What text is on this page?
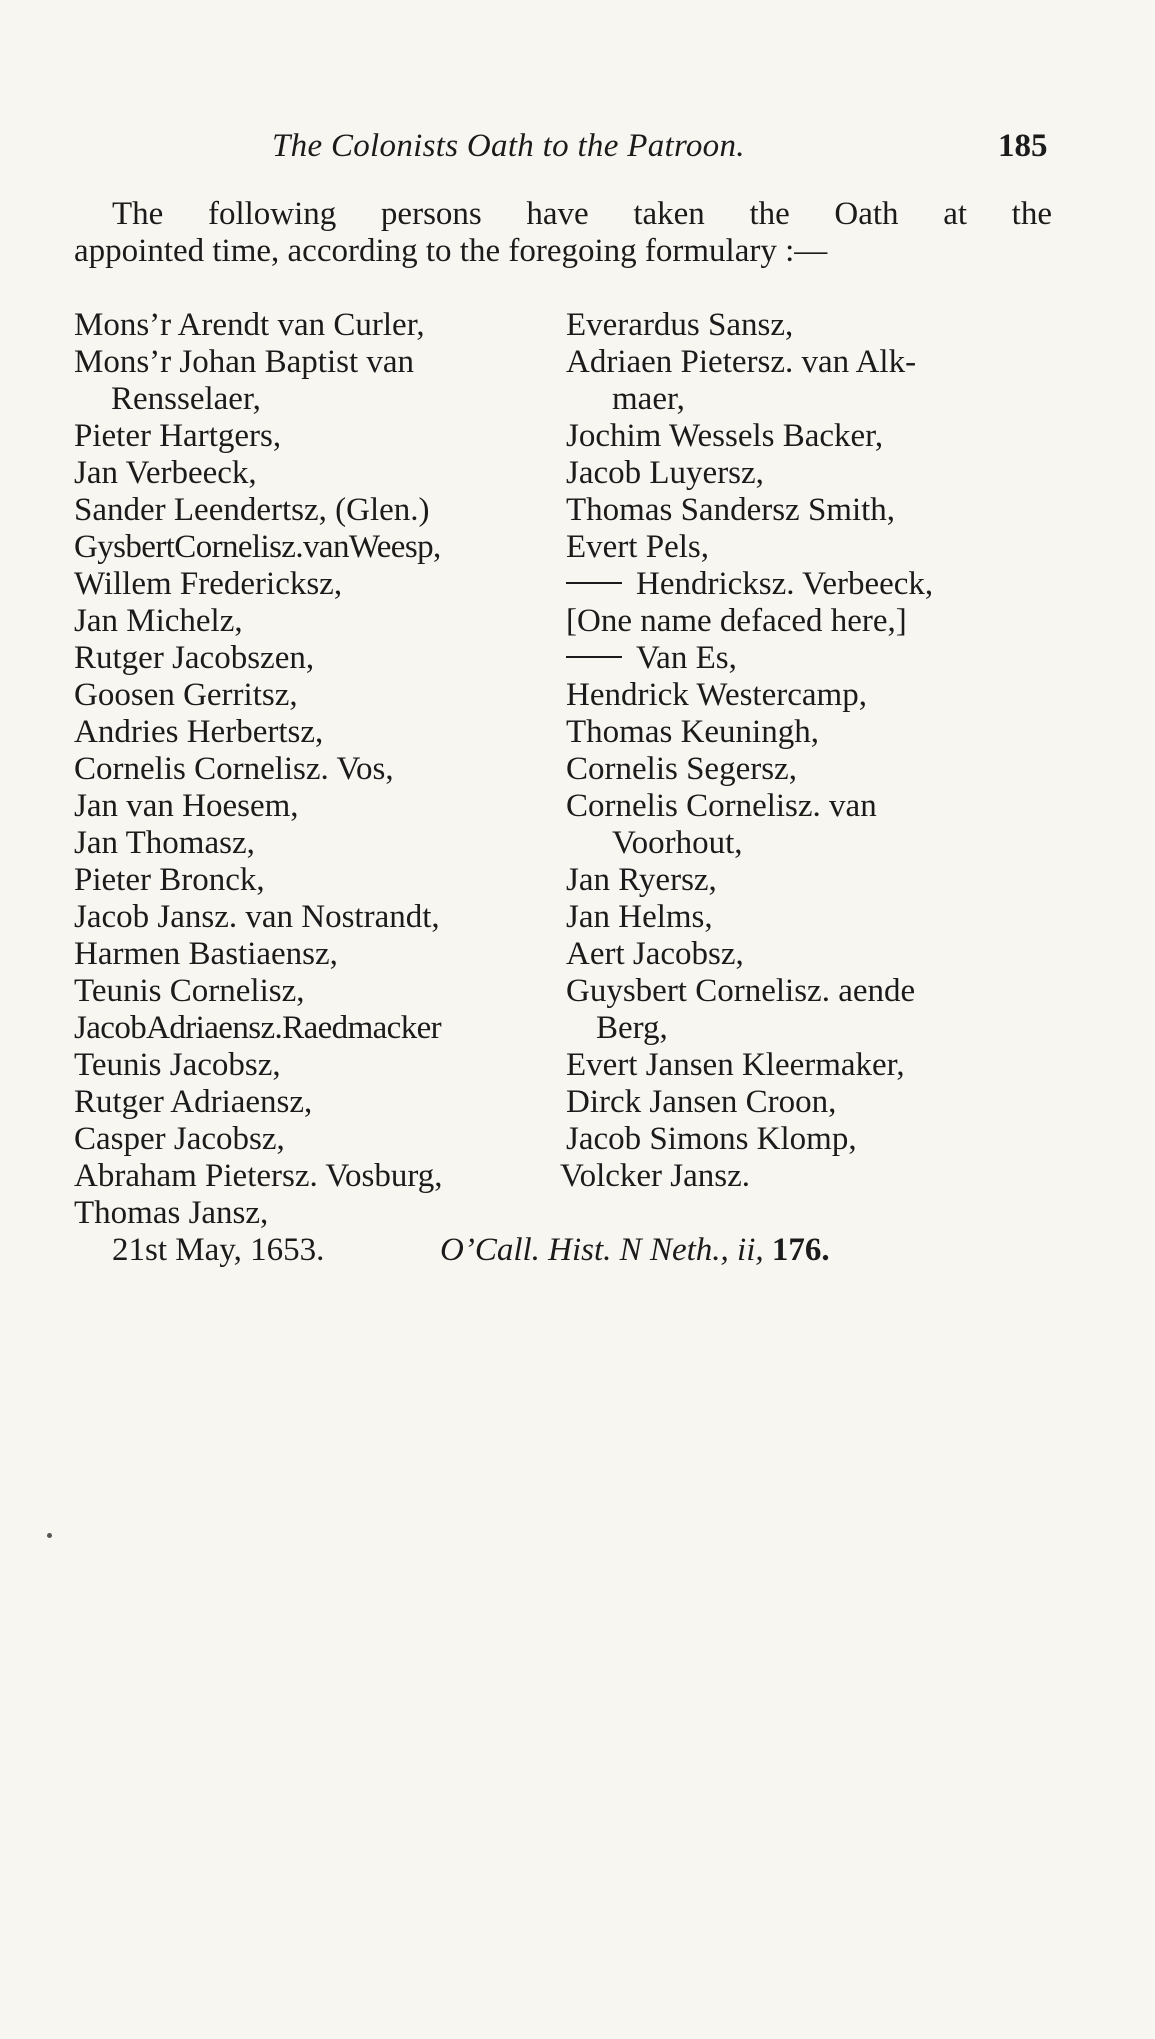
The Colonists Oath to the Patroon.	185
The following persons have taken the Oath at the
appointed time, according to the foregoing formulary :—
Mons’r Arendt van Curler,	Everardus Sansz,
Mons’r Johan Baptist van	Adriaen Pietersz. van Alk-
Rensselaer,	maer,
Pieter Hartgers,	Jochim Wessels Backer,
Jan Verbeeck,	Jacob Luyersz,
Sander Leendertsz, (Glen.)	Thomas Sandersz Smith,
GysbertCornelisz.vanWeesp,	Evert Pels,
Willem Fredericksz,	Hendricksz. Verbeeck,
Jan Michelz,	[One name defaced here,]
Rutger Jacobszen,	Van Es,
Goosen Gerritsz,	Hendrick Westercamp,
Andries Herbertsz,	Thomas Keuningh,
Cornelis Cornelisz. Vos,	Cornelis Segersz,
Jan van Hoesem,	Cornelis Cornelisz. van
Jan Thomasz,	Voorhout,
Pieter Bronck,	Jan Ryersz,
Jacob Jansz. van Nostrandt,	Jan Helms,
Harmen Bastiaensz,	Aert Jacobsz,
Teunis Cornelisz,	Guysbert Cornelisz. aende
JacobAdriaensz.Raedmacker	Berg,
Teunis Jacobsz,	Evert Jansen Kleermaker,
Rutger Adriaensz,	Dirck Jansen Croon,
Casper Jacobsz,	Jacob Simons Klomp,
Abraham Pietersz. Vosburg,	Volcker Jansz.
Thomas Jansz,
21st May, 1653.	O’Call. Hist. N Neth., ii, 176.
